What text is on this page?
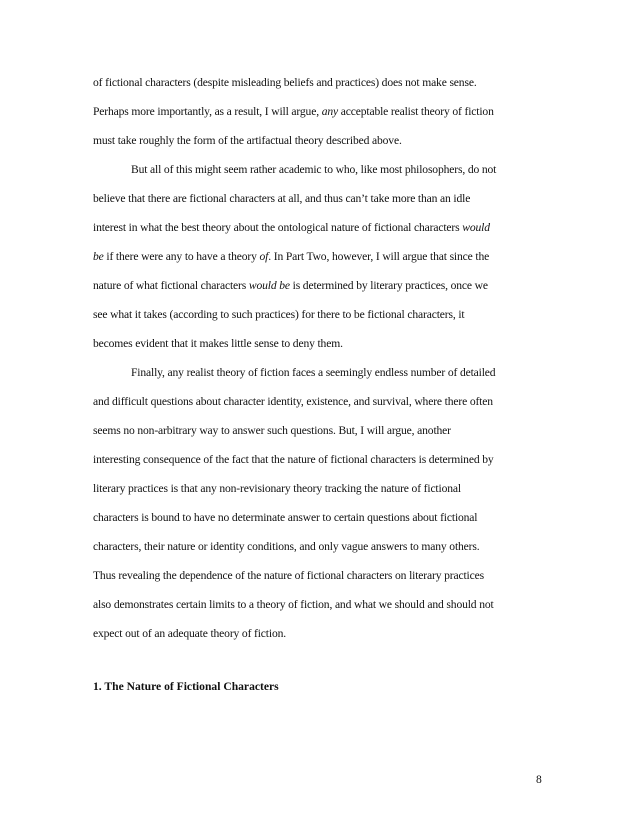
of fictional characters (despite misleading beliefs and practices) does not make sense.
Perhaps more importantly, as a result, I will argue, any acceptable realist theory of fiction
must take roughly the form of the artifactual theory described above.
But all of this might seem rather academic to who, like most philosophers, do not
believe that there are fictional characters at all, and thus can’t take more than an idle
interest in what the best theory about the ontological nature of fictional characters would
be if there were any to have a theory of. In Part Two, however, I will argue that since the
nature of what fictional characters would be is determined by literary practices, once we
see what it takes (according to such practices) for there to be fictional characters, it
becomes evident that it makes little sense to deny them.
Finally, any realist theory of fiction faces a seemingly endless number of detailed
and difficult questions about character identity, existence, and survival, where there often
seems no non-arbitrary way to answer such questions. But, I will argue, another
interesting consequence of the fact that the nature of fictional characters is determined by
literary practices is that any non-revisionary theory tracking the nature of fictional
characters is bound to have no determinate answer to certain questions about fictional
characters, their nature or identity conditions, and only vague answers to many others.
Thus revealing the dependence of the nature of fictional characters on literary practices
also demonstrates certain limits to a theory of fiction, and what we should and should not
expect out of an adequate theory of fiction.
1. The Nature of Fictional Characters
8
